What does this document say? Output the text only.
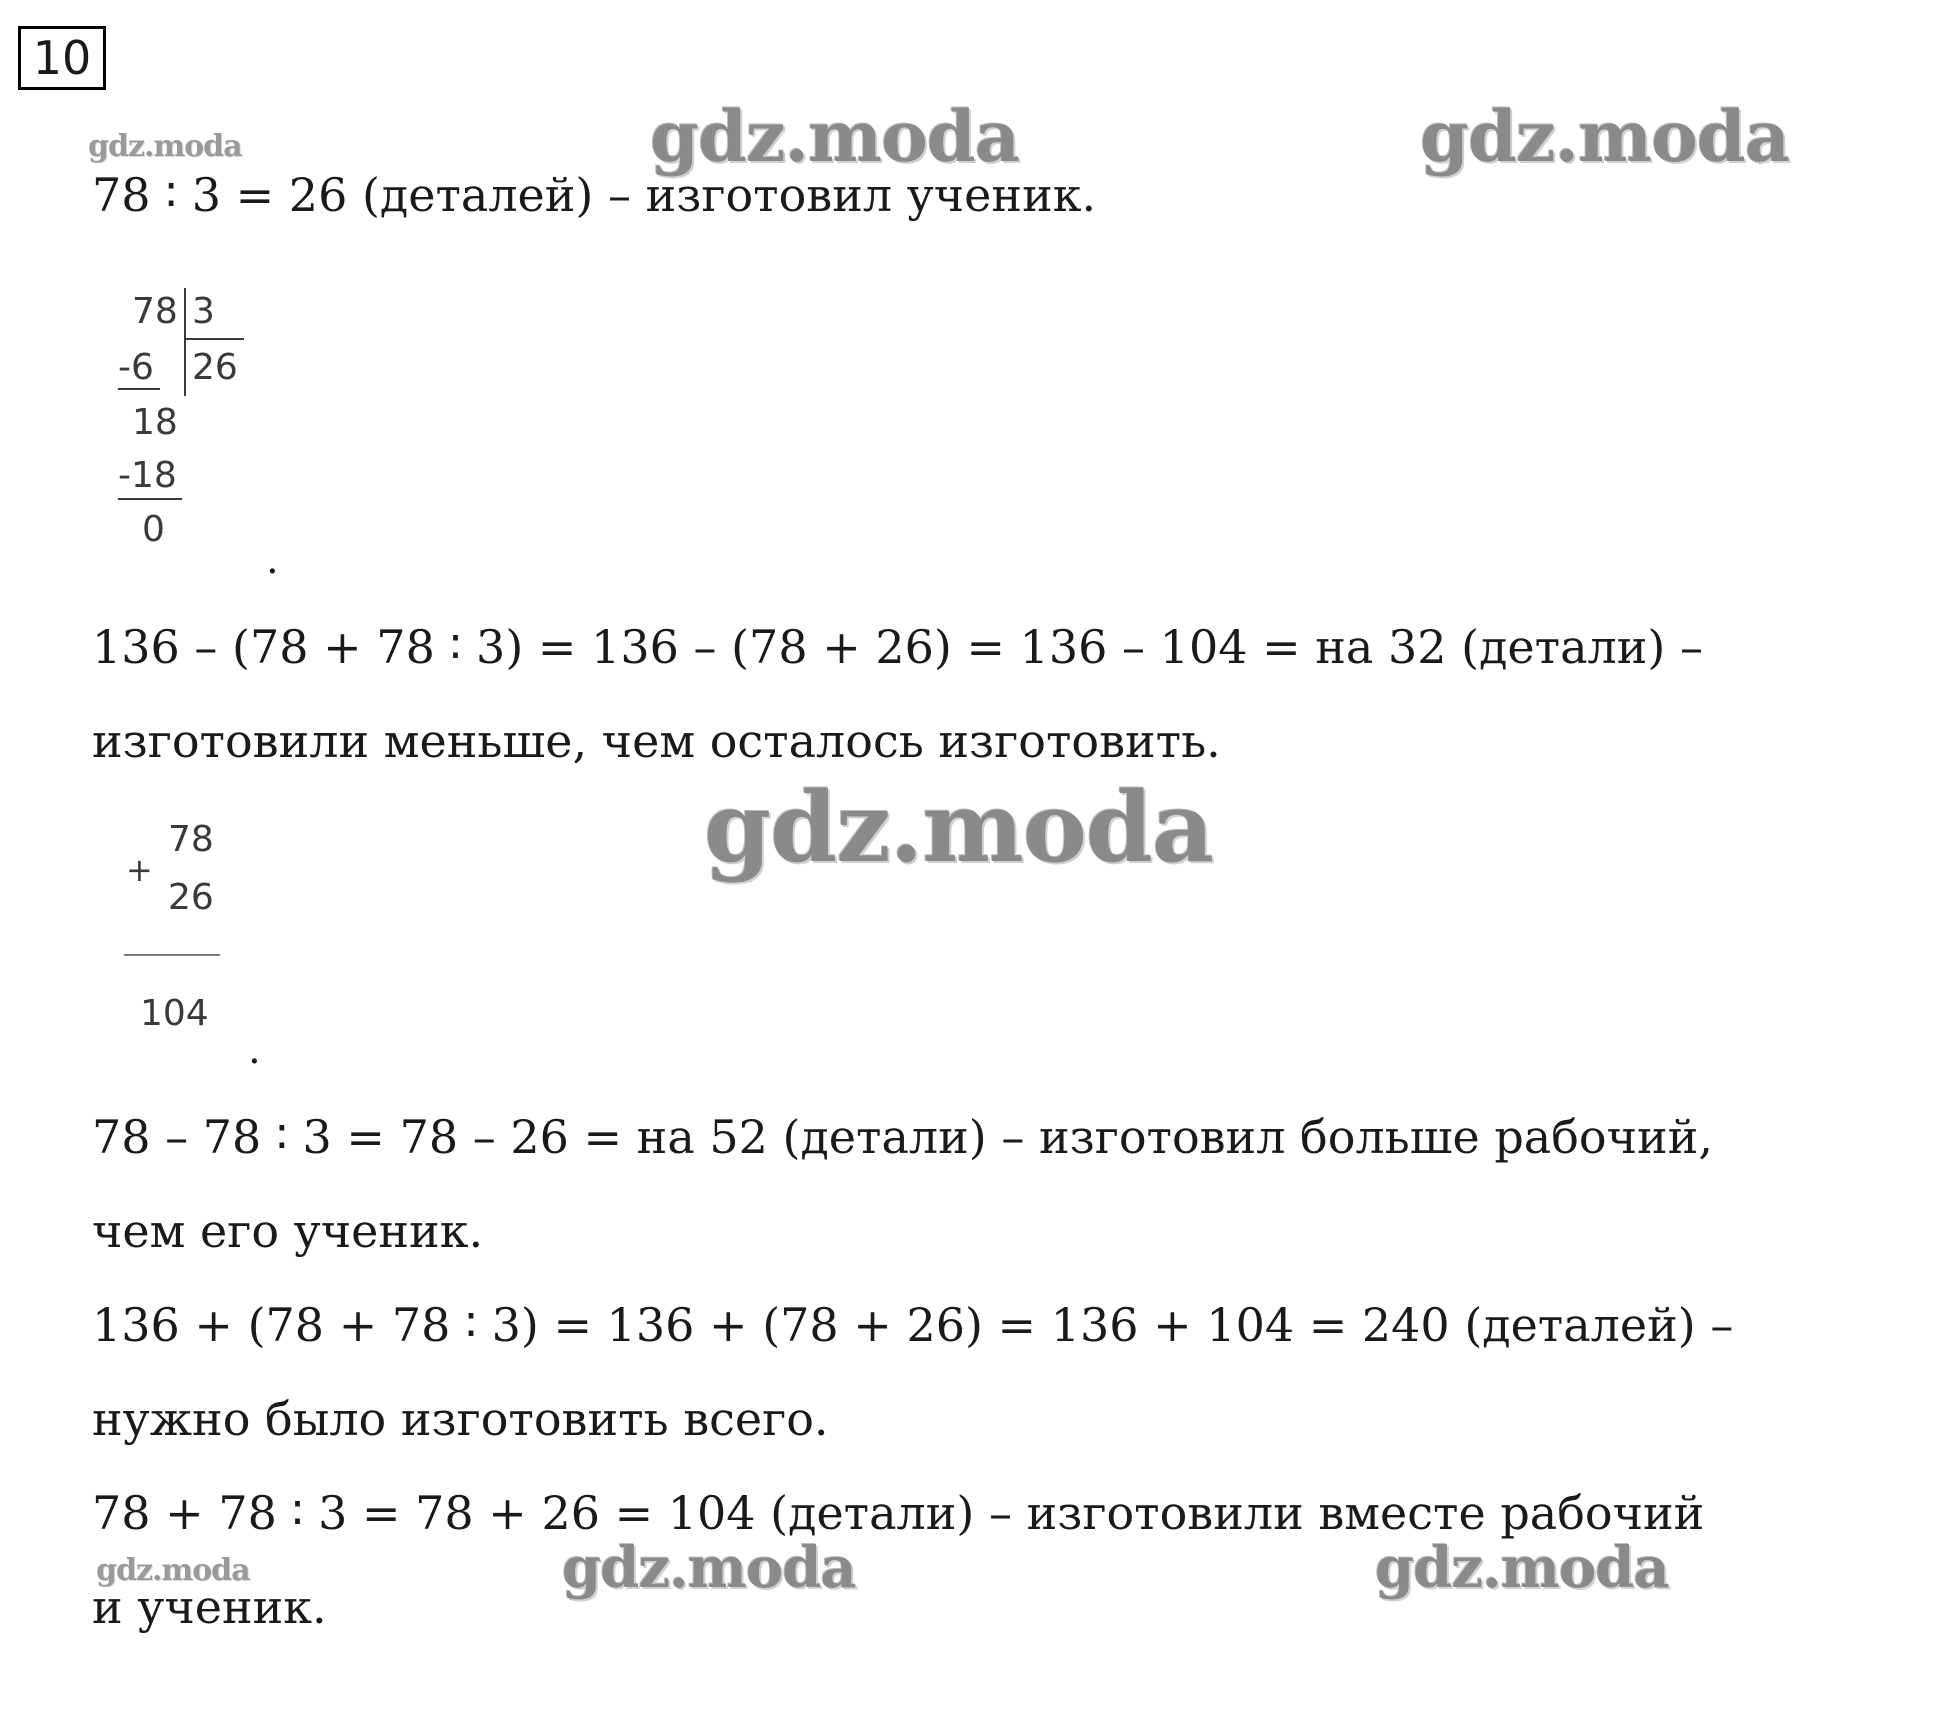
10
gdz.moda	gdz.moda	gdz.moda
gdz.moda
gdz.moda	gdz.moda	gdz.moda
78 ∶ 3 = 26 (деталей) – изготовил ученик.
78 3
-6 26
18
-18
0
.
136 – (78 + 78 ∶ 3) = 136 – (78 + 26) = 136 – 104 = на 32 (детали) –
изготовили меньше, чем осталось изготовить.
+
78
26
104
.
78 – 78 ∶ 3 = 78 – 26 = на 52 (детали) – изготовил больше рабочий,
чем его ученик.
136 + (78 + 78 ∶ 3) = 136 + (78 + 26) = 136 + 104 = 240 (деталей) –
нужно было изготовить всего.
78 + 78 ∶ 3 = 78 + 26 = 104 (детали) – изготовили вместе рабочий
и ученик.
